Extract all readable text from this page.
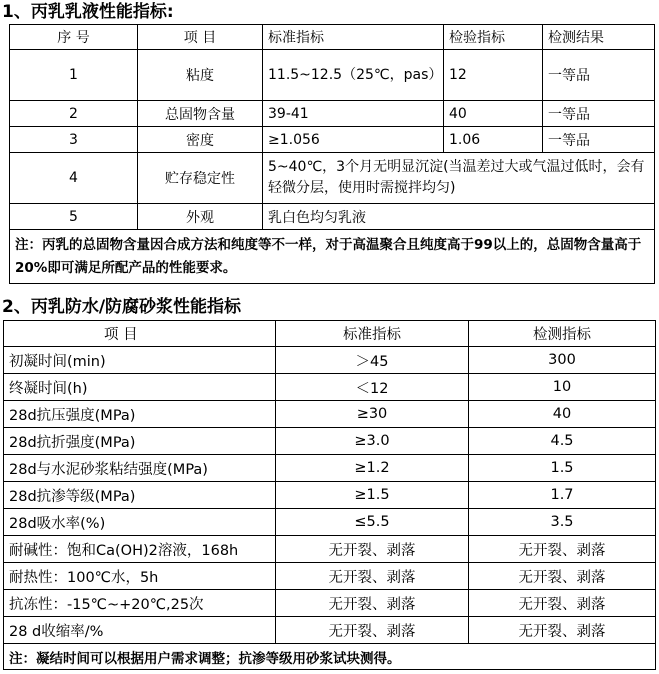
1、丙乳乳液性能指标:
序 号	项 目	标准指标	检验指标	检测结果
1	粘度	11.5~12.5（25℃，pas）	12	一等品
2	总固物含量	39-41	40	一等品
3	密度	≥1.056	1.06	一等品
4	贮存稳定性	5~40℃，3个月无明显沉淀(当温差过大或气温过低时，会有轻微分层，使用时需搅拌均匀)		
5	外观	乳白色均匀乳液		
注：丙乳的总固物含量因合成方法和纯度等不一样，对于高温聚合且纯度高于99以上的，总固物含量高于20%即可满足所配产品的性能要求。				
2、丙乳防水/防腐砂浆性能指标
项 目	标准指标	检测指标
初凝时间(min)	＞45	300
终凝时间(h)	＜12	10
28d抗压强度(MPa)	≥30	40
28d抗折强度(MPa)	≥3.0	4.5
28d与水泥砂浆粘结强度(MPa)	≥1.2	1.5
28d抗渗等级(MPa)	≥1.5	1.7
28d吸水率(%)	≤5.5	3.5
耐碱性：饱和Ca(OH)2溶液，168h	无开裂、剥落	无开裂、剥落
耐热性：100℃水，5h	无开裂、剥落	无开裂、剥落
抗冻性：-15℃~+20℃,25次	无开裂、剥落	无开裂、剥落
28 d收缩率/%	无开裂、剥落	无开裂、剥落
注：凝结时间可以根据用户需求调整；抗渗等级用砂浆试块测得。		
